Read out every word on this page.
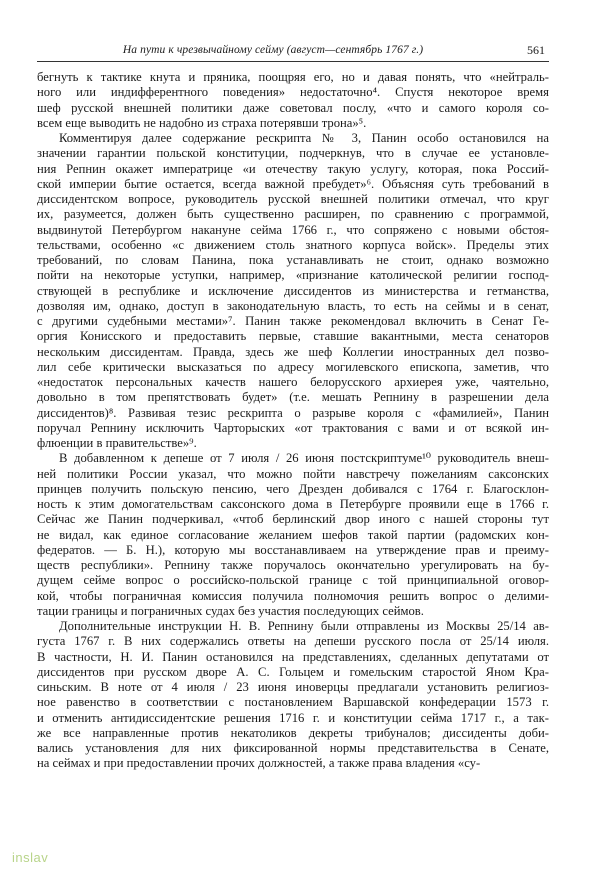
На пути к чрезвычайному сейму (август—сентябрь 1767 г.)	561

бегнуть к тактике кнута и пряника, поощряя его, но и давая понять, что «нейтраль-

ного или индифферентного поведения» недостаточно⁴. Спустя некоторое время

шеф русской внешней политики даже советовал послу, «что и самого короля со-

всем еще выводить не надобно из страха потерявши трона»⁵.

Комментируя далее содержание рескрипта № 3, Панин особо остановился на

значении гарантии польской конституции, подчеркнув, что в случае ее установле-

ния Репнин окажет императрице «и отечеству такую услугу, которая, пока Россий-

ской империи бытие остается, всегда важной пребудет»⁶. Объясняя суть требований в

диссидентском вопросе, руководитель русской внешней политики отмечал, что круг

их, разумеется, должен быть существенно расширен, по сравнению с программой,

выдвинутой Петербургом накануне сейма 1766 г., что сопряжено с новыми обстоя-

тельствами, особенно «с движением столь знатного корпуса войск». Пределы этих

требований, по словам Панина, пока устанавливать не стоит, однако возможно

пойти на некоторые уступки, например, «признание католической религии господ-

ствующей в республике и исключение диссидентов из министерства и гетманства,

дозволяя им, однако, доступ в законодательную власть, то есть на сеймы и в сенат,

с другими судебными местами»⁷. Панин также рекомендовал включить в Сенат Ге-

оргия Конисского и предоставить первые, ставшие вакантными, места сенаторов

нескольким диссидентам. Правда, здесь же шеф Коллегии иностранных дел позво-

лил себе критически высказаться по адресу могилевского епископа, заметив, что

«недостаток персональных качеств нашего белорусского архиерея уже, чаятельно,

довольно в том препятствовать будет» (т.е. мешать Репнину в разрешении дела

диссидентов)⁸. Развивая тезис рескрипта о разрыве короля с «фамилией», Панин

поручал Репнину исключить Чарторыских «от трактования с вами и от всякой ин-

флюенции в правительстве»⁹.

В добавленном к депеше от 7 июля / 26 июня постскриптуме¹⁰ руководитель внеш-

ней политики России указал, что можно пойти навстречу пожеланиям саксонских

принцев получить польскую пенсию, чего Дрезден добивался с 1764 г. Благосклон-

ность к этим домогательствам саксонского дома в Петербурге проявили еще в 1766 г.

Сейчас же Панин подчеркивал, «чтоб берлинский двор иного с нашей стороны тут

не видал, как единое согласование желанием шефов такой партии (радомских кон-

федератов. — Б. Н.), которую мы восстанавливаем на утверждение прав и преиму-

ществ республики». Репнину также поручалось окончательно урегулировать на бу-

дущем сейме вопрос о российско-польской границе с той принципиальной оговор-

кой, чтобы пограничная комиссия получила полномочия решить вопрос о делими-

тации границы и пограничных судах без участия последующих сеймов.

Дополнительные инструкции Н. В. Репнину были отправлены из Москвы 25/14 ав-

густа 1767 г. В них содержались ответы на депеши русского посла от 25/14 июля.

В частности, Н. И. Панин остановился на представлениях, сделанных депутатами от

диссидентов при русском дворе А. С. Гольцем и гомельским старостой Яном Кра-

синьским. В ноте от 4 июля / 23 июня иноверцы предлагали установить религиоз-

ное равенство в соответствии с постановлением Варшавской конфедерации 1573 г.

и отменить антидиссидентские решения 1716 г. и конституции сейма 1717 г., а так-

же все направленные против некатоликов декреты трибуналов; диссиденты доби-

вались установления для них фиксированной нормы представительства в Сенате,

на сеймах и при предоставлении прочих должностей, а также права владения «су-

inslav
